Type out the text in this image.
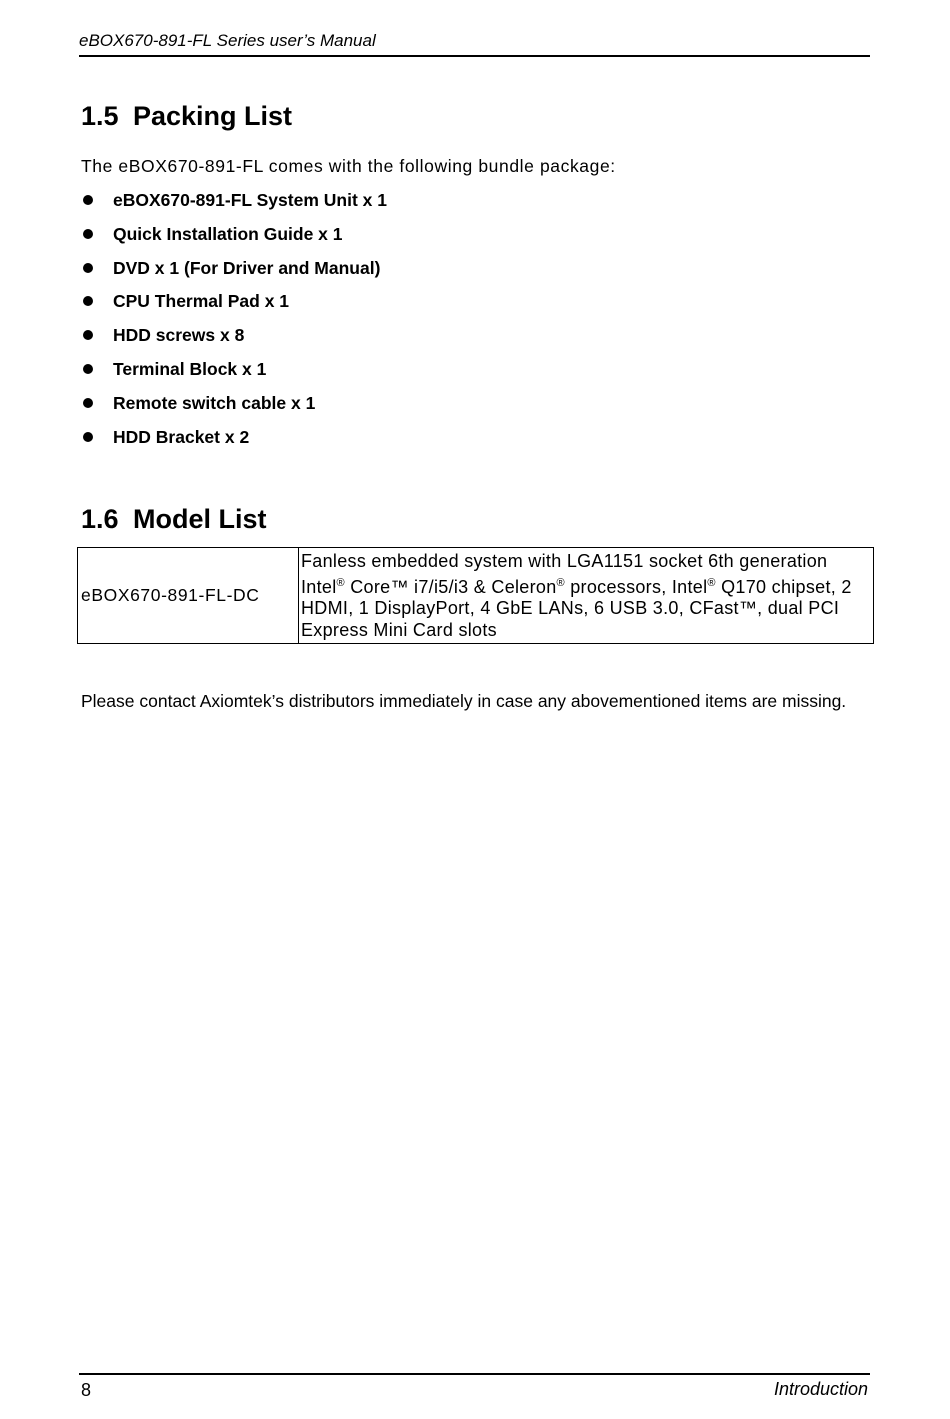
eBOX670-891-FL Series user’s Manual
1.5 Packing List
The eBOX670-891-FL comes with the following bundle package:
eBOX670-891-FL System Unit x 1
Quick Installation Guide x 1
DVD x 1 (For Driver and Manual)
CPU Thermal Pad x 1
HDD screws x 8
Terminal Block x 1
Remote switch cable x 1
HDD Bracket x 2
1.6 Model List
eBOX670-891-FL-DC	Fanless embedded system with LGA1151 socket 6th generation Intel® Core™ i7/i5/i3 & Celeron® processors, Intel® Q170 chipset, 2 HDMI, 1 DisplayPort, 4 GbE LANs, 6 USB 3.0, CFast™, dual PCI Express Mini Card slots
Please contact Axiomtek’s distributors immediately in case any abovementioned items are missing.
8	Introduction
